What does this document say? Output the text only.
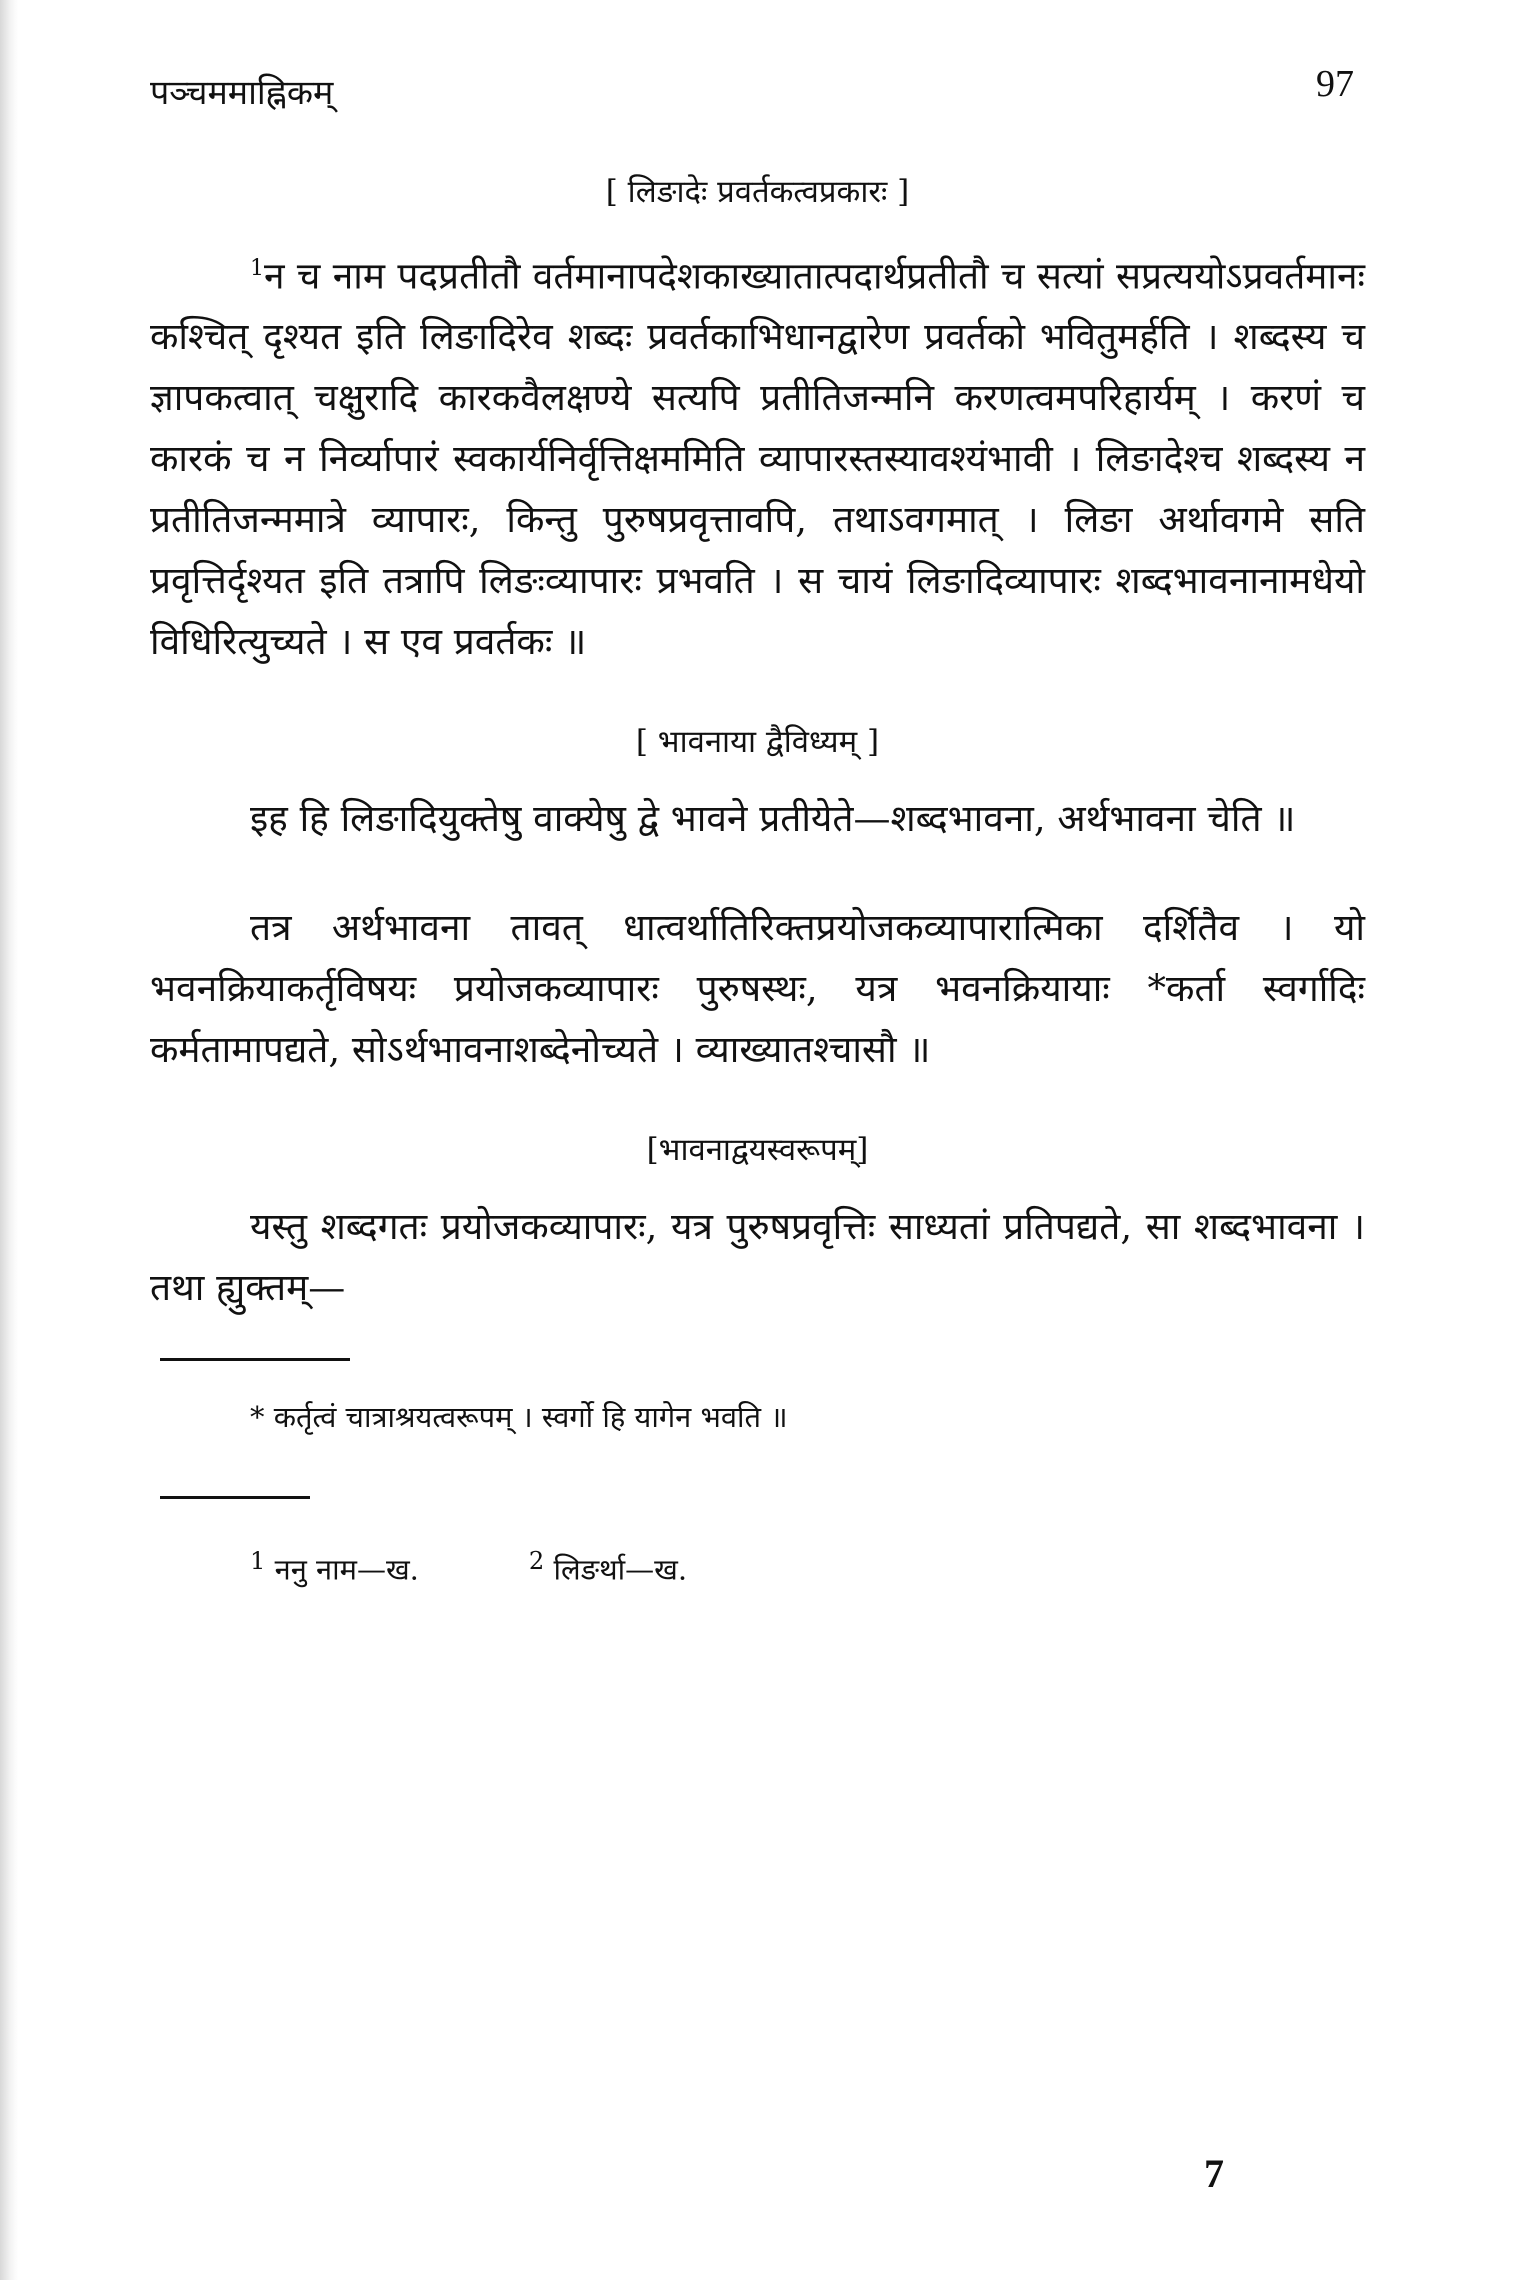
पञ्चममाह्निकम्	97
[ लिङादेः प्रवर्तकत्वप्रकारः ]

$^1$न च नाम पदप्रतीतौ वर्तमानापदेशकाख्यातात्पदार्थप्रतीतौ च सत्यां सप्रत्ययोऽप्रवर्तमानः कश्चित् दृश्यत इति लिङादिरेव शब्दः प्रवर्तकाभिधानद्वारेण प्रवर्तको भवितुमर्हति । शब्दस्य च ज्ञापकत्वात् चक्षुरादि कारकवैलक्षण्ये सत्यपि प्रतीतिजन्मनि करणत्वमपरिहार्यम् । करणं च कारकं च न निर्व्यापारं स्वकार्यनिर्वृत्तिक्षममिति व्यापारस्तस्यावश्यंभावी । लिङादेश्च शब्दस्य न प्रतीतिजन्ममात्रे व्यापारः, किन्तु पुरुषप्रवृत्तावपि, तथाऽवगमात् । लिङा अर्थावगमे सति प्रवृत्तिर्दृश्यत इति तत्रापि लिङःव्यापारः प्रभवति । स चायं लिङादिव्यापारः शब्दभावनानामधेयो विधिरित्युच्यते । स एव प्रवर्तकः ॥

[ भावनाया द्वैविध्यम् ]

इह हि लिङादियुक्तेषु वाक्येषु द्वे भावने प्रतीयेते—शब्दभावना, अर्थभावना चेति ॥

तत्र अर्थभावना तावत् धात्वर्थातिरिक्तप्रयोजकव्यापारात्मिका दर्शितैव । यो भवनक्रियाकर्तृविषयः प्रयोजकव्यापारः पुरुषस्थः, यत्र भवनक्रियायाः *कर्ता स्वर्गादिः कर्मतामापद्यते, सोऽर्थभावनाशब्देनोच्यते । व्याख्यातश्चासौ ॥

[भावनाद्वयस्वरूपम्]

यस्तु शब्दगतः प्रयोजकव्यापारः, यत्र पुरुषप्रवृत्तिः साध्यतां प्रतिपद्यते, सा शब्दभावना । तथा ह्युक्तम्—

* कर्तृत्वं चात्राश्रयत्वरूपम् । स्वर्गो हि यागेन भवति ॥
$^1$ ननु नाम—ख.	$^2$ लिङर्था—ख.
7
